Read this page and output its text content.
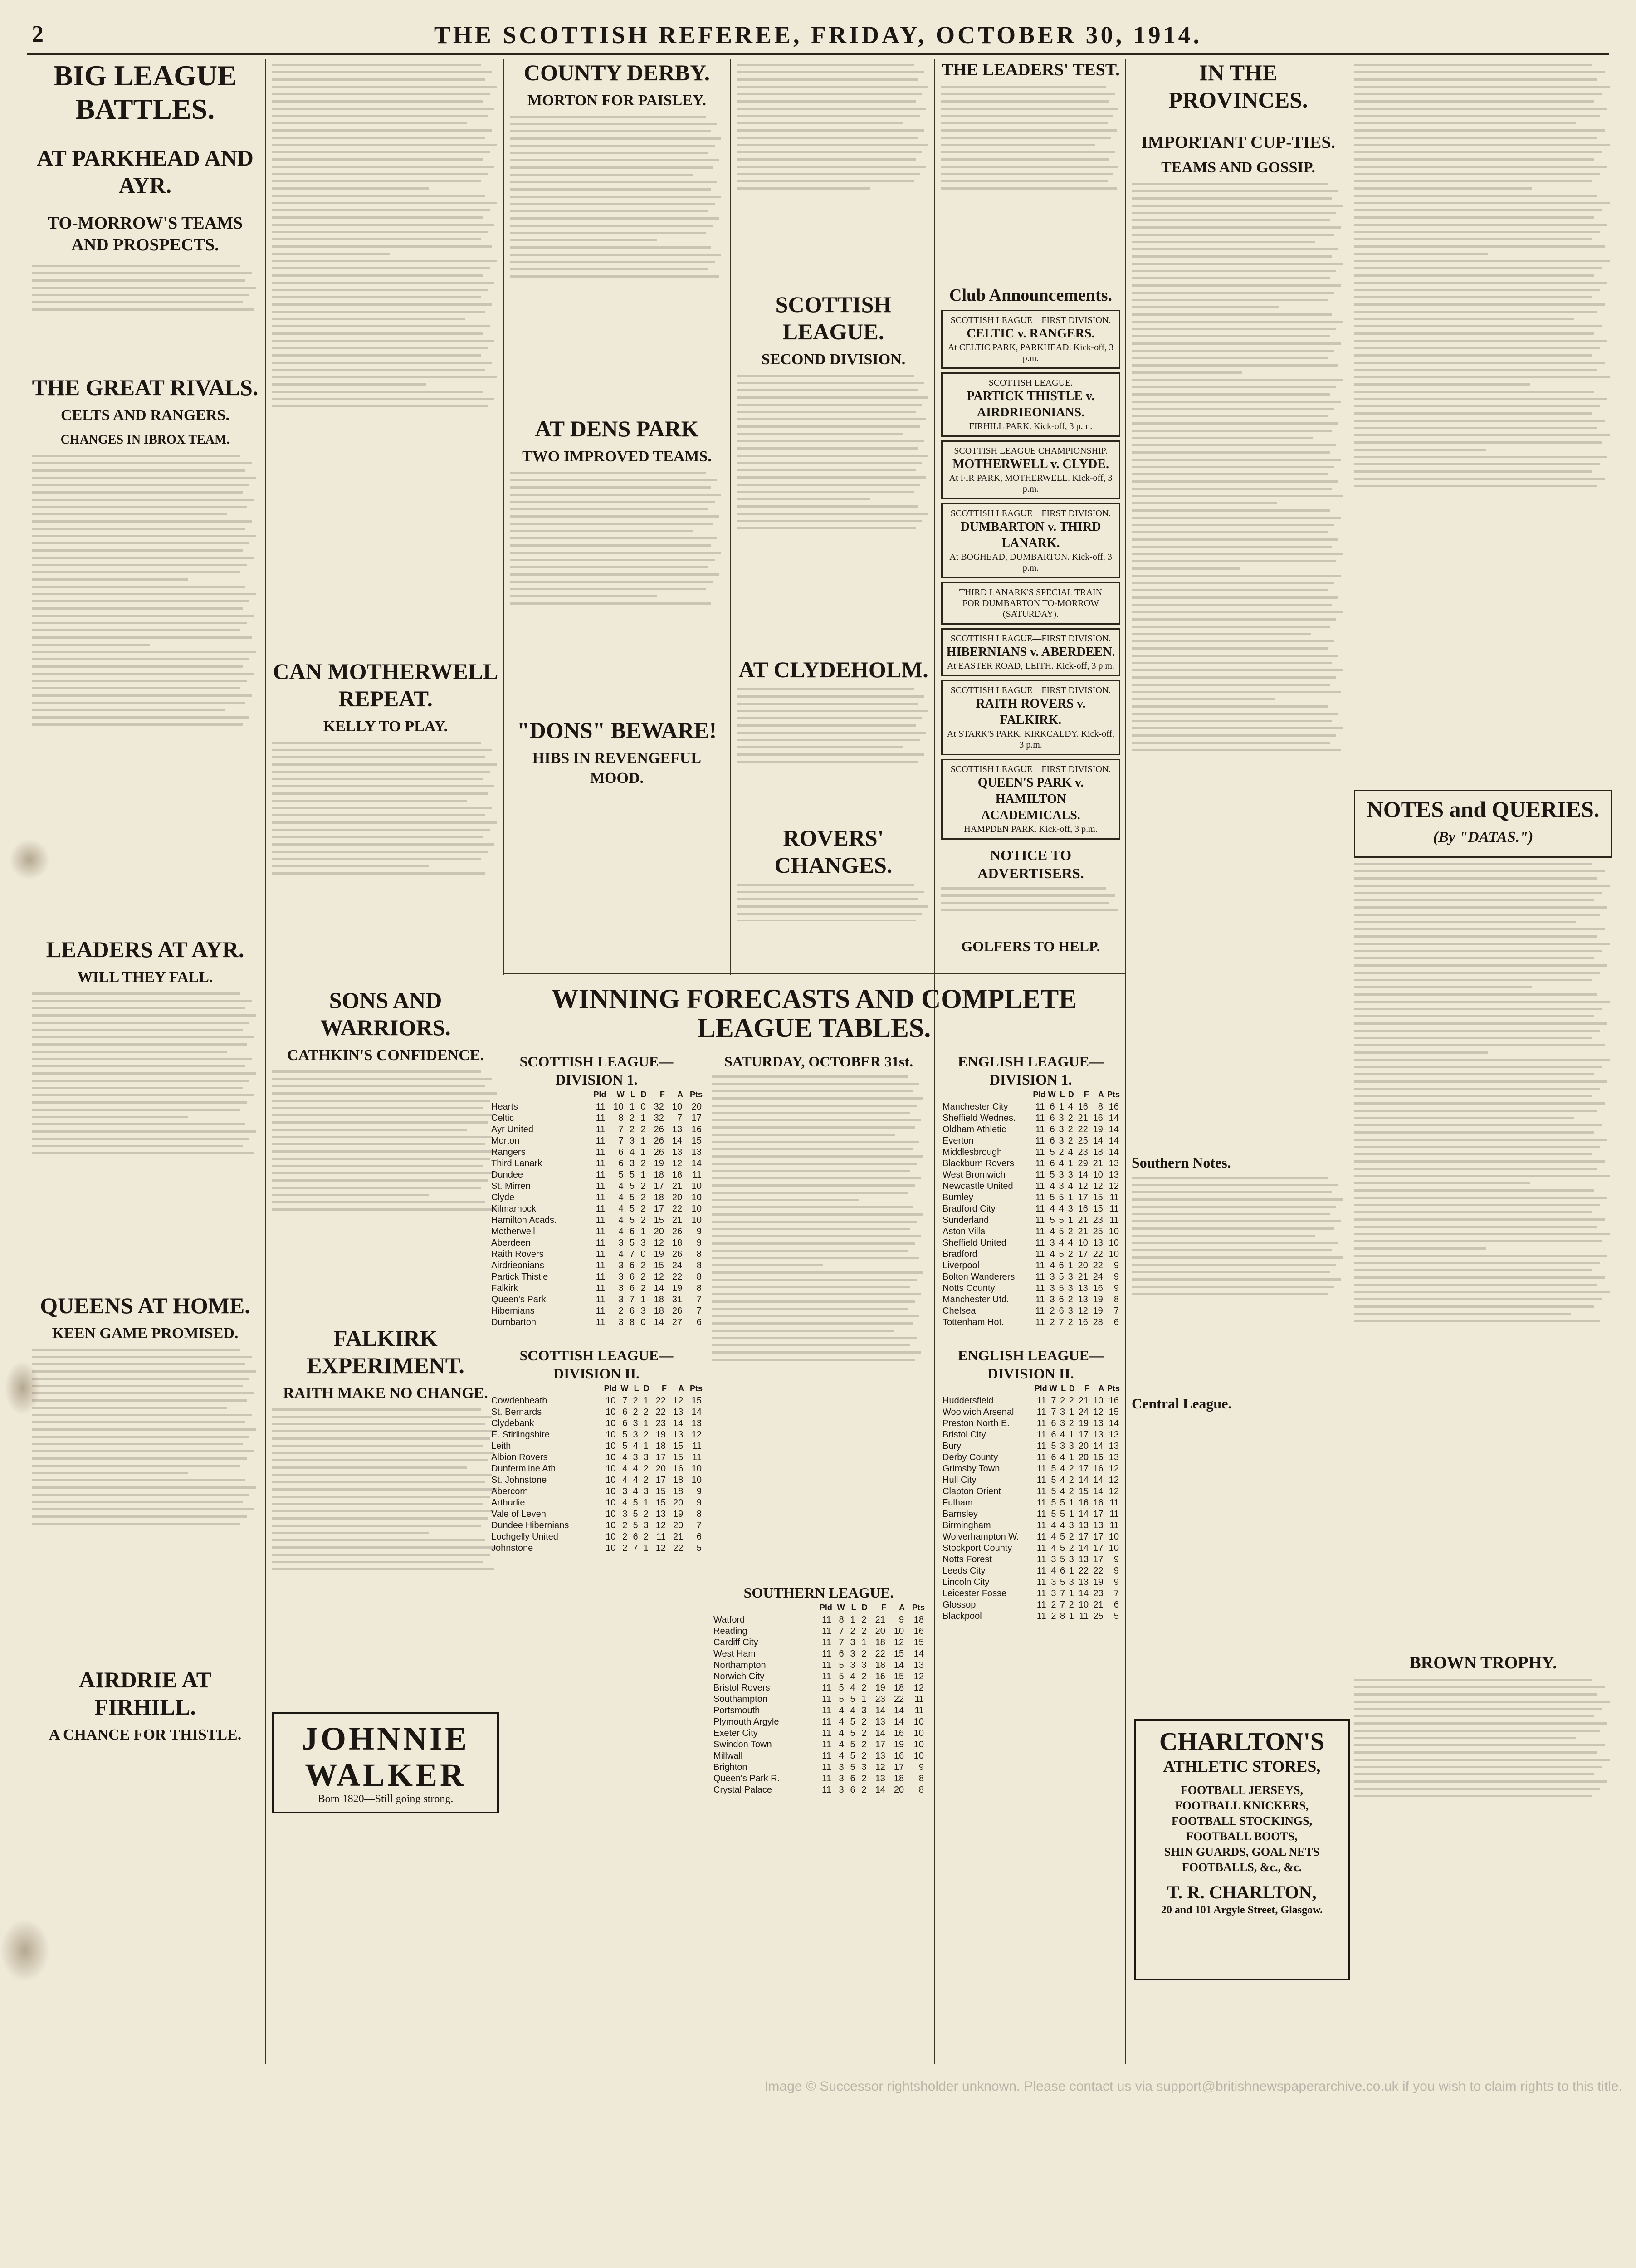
2	THE SCOTTISH REFEREE, FRIDAY, OCTOBER 30, 1914.
BIG LEAGUE BATTLES.
AT PARKHEAD AND AYR.
TO-MORROW'S TEAMS AND PROSPECTS.
THE GREAT RIVALS.
CELTS AND RANGERS.
CHANGES IN IBROX TEAM.
LEADERS AT AYR.
WILL THEY FALL.
QUEENS AT HOME.
KEEN GAME PROMISED.
AIRDRIE AT FIRHILL.
A CHANCE FOR THISTLE.
CAN MOTHERWELL REPEAT.
KELLY TO PLAY.
SONS AND WARRIORS.
CATHKIN'S CONFIDENCE.
FALKIRK EXPERIMENT.
RAITH MAKE NO CHANGE.
JOHNNIE
WALKER
Born 1820—Still going strong.
COUNTY DERBY.
MORTON FOR PAISLEY.
AT DENS PARK
TWO IMPROVED TEAMS.
"DONS" BEWARE!
HIBS IN REVENGEFUL MOOD.
SCOTTISH LEAGUE.
SECOND DIVISION.
AT CLYDEHOLM.
ROVERS' CHANGES.
WINNING FORECASTS AND COMPLETE
LEAGUE TABLES.
SCOTTISH LEAGUE—DIVISION 1.
	Pld	W	L	D	F	A	Pts
Hearts	11	10	1	0	32	10	20
Celtic	11	8	2	1	32	7	17
Ayr United	11	7	2	2	26	13	16
Morton	11	7	3	1	26	14	15
Rangers	11	6	4	1	26	13	13
Third Lanark	11	6	3	2	19	12	14
Dundee	11	5	5	1	18	18	11
St. Mirren	11	4	5	2	17	21	10
Clyde	11	4	5	2	18	20	10
Kilmarnock	11	4	5	2	17	22	10
Hamilton Acads.	11	4	5	2	15	21	10
Motherwell	11	4	6	1	20	26	9
Aberdeen	11	3	5	3	12	18	9
Raith Rovers	11	4	7	0	19	26	8
Airdrieonians	11	3	6	2	15	24	8
Partick Thistle	11	3	6	2	12	22	8
Falkirk	11	3	6	2	14	19	8
Queen's Park	11	3	7	1	18	31	7
Hibernians	11	2	6	3	18	26	7
Dumbarton	11	3	8	0	14	27	6
SCOTTISH LEAGUE—DIVISION II.
	Pld	W	L	D	F	A	Pts
Cowdenbeath	10	7	2	1	22	12	15
St. Bernards	10	6	2	2	22	13	14
Clydebank	10	6	3	1	23	14	13
E. Stirlingshire	10	5	3	2	19	13	12
Leith	10	5	4	1	18	15	11
Albion Rovers	10	4	3	3	17	15	11
Dunfermline Ath.	10	4	4	2	20	16	10
St. Johnstone	10	4	4	2	17	18	10
Abercorn	10	3	4	3	15	18	9
Arthurlie	10	4	5	1	15	20	9
Vale of Leven	10	3	5	2	13	19	8
Dundee Hibernians	10	2	5	3	12	20	7
Lochgelly United	10	2	6	2	11	21	6
Johnstone	10	2	7	1	12	22	5
SATURDAY, OCTOBER 31st.
SOUTHERN LEAGUE.
	Pld	W	L	D	F	A	Pts
Watford	11	8	1	2	21	9	18
Reading	11	7	2	2	20	10	16
Cardiff City	11	7	3	1	18	12	15
West Ham	11	6	3	2	22	15	14
Northampton	11	5	3	3	18	14	13
Norwich City	11	5	4	2	16	15	12
Bristol Rovers	11	5	4	2	19	18	12
Southampton	11	5	5	1	23	22	11
Portsmouth	11	4	4	3	14	14	11
Plymouth Argyle	11	4	5	2	13	14	10
Exeter City	11	4	5	2	14	16	10
Swindon Town	11	4	5	2	17	19	10
Millwall	11	4	5	2	13	16	10
Brighton	11	3	5	3	12	17	9
Queen's Park R.	11	3	6	2	13	18	8
Crystal Palace	11	3	6	2	14	20	8
THE LEADERS' TEST.
Club Announcements.
SCOTTISH LEAGUE—FIRST DIVISION.
CELTIC v. RANGERS.
At CELTIC PARK, PARKHEAD. Kick-off, 3 p.m.
SCOTTISH LEAGUE.
PARTICK THISTLE v. AIRDRIEONIANS.
FIRHILL PARK. Kick-off, 3 p.m.
SCOTTISH LEAGUE CHAMPIONSHIP.
MOTHERWELL v. CLYDE.
At FIR PARK, MOTHERWELL. Kick-off, 3 p.m.
SCOTTISH LEAGUE—FIRST DIVISION.
DUMBARTON v. THIRD LANARK.
At BOGHEAD, DUMBARTON. Kick-off, 3 p.m.
THIRD LANARK'S SPECIAL TRAIN
FOR DUMBARTON TO-MORROW (SATURDAY).
SCOTTISH LEAGUE—FIRST DIVISION.
HIBERNIANS v. ABERDEEN.
At EASTER ROAD, LEITH. Kick-off, 3 p.m.
SCOTTISH LEAGUE—FIRST DIVISION.
RAITH ROVERS v. FALKIRK.
At STARK'S PARK, KIRKCALDY. Kick-off, 3 p.m.
SCOTTISH LEAGUE—FIRST DIVISION.
QUEEN'S PARK v. HAMILTON ACADEMICALS.
HAMPDEN PARK. Kick-off, 3 p.m.
NOTICE TO ADVERTISERS.
GOLFERS TO HELP.
ENGLISH LEAGUE—DIVISION 1.
	Pld	W	L	D	F	A	Pts
Manchester City	11	6	1	4	16	8	16
Sheffield Wednes.	11	6	3	2	21	16	14
Oldham Athletic	11	6	3	2	22	19	14
Everton	11	6	3	2	25	14	14
Middlesbrough	11	5	2	4	23	18	14
Blackburn Rovers	11	6	4	1	29	21	13
West Bromwich	11	5	3	3	14	10	13
Newcastle United	11	4	3	4	12	12	12
Burnley	11	5	5	1	17	15	11
Bradford City	11	4	4	3	16	15	11
Sunderland	11	5	5	1	21	23	11
Aston Villa	11	4	5	2	21	25	10
Sheffield United	11	3	4	4	10	13	10
Bradford	11	4	5	2	17	22	10
Liverpool	11	4	6	1	20	22	9
Bolton Wanderers	11	3	5	3	21	24	9
Notts County	11	3	5	3	13	16	9
Manchester Utd.	11	3	6	2	13	19	8
Chelsea	11	2	6	3	12	19	7
Tottenham Hot.	11	2	7	2	16	28	6
ENGLISH LEAGUE—DIVISION II.
	Pld	W	L	D	F	A	Pts
Huddersfield	11	7	2	2	21	10	16
Woolwich Arsenal	11	7	3	1	24	12	15
Preston North E.	11	6	3	2	19	13	14
Bristol City	11	6	4	1	17	13	13
Bury	11	5	3	3	20	14	13
Derby County	11	6	4	1	20	16	13
Grimsby Town	11	5	4	2	17	16	12
Hull City	11	5	4	2	14	14	12
Clapton Orient	11	5	4	2	15	14	12
Fulham	11	5	5	1	16	16	11
Barnsley	11	5	5	1	14	17	11
Birmingham	11	4	4	3	13	13	11
Wolverhampton W.	11	4	5	2	17	17	10
Stockport County	11	4	5	2	14	17	10
Notts Forest	11	3	5	3	13	17	9
Leeds City	11	4	6	1	22	22	9
Lincoln City	11	3	5	3	13	19	9
Leicester Fosse	11	3	7	1	14	23	7
Glossop	11	2	7	2	10	21	6
Blackpool	11	2	8	1	11	25	5
IN THE PROVINCES.
IMPORTANT CUP-TIES.
TEAMS AND GOSSIP.
Southern Notes.
Central League.
NOTES and QUERIES.
(By "DATAS.")
BROWN TROPHY.
CHARLTON'S
ATHLETIC STORES,
FOOTBALL JERSEYS,
FOOTBALL KNICKERS,
FOOTBALL STOCKINGS,
FOOTBALL BOOTS,
SHIN GUARDS, GOAL NETS
FOOTBALLS, &c., &c.
T. R. CHARLTON,
20 and 101 Argyle Street, Glasgow.
Image © Successor rightsholder unknown. Please contact us via support@britishnewspaperarchive.co.uk if you wish to claim rights to this title.
